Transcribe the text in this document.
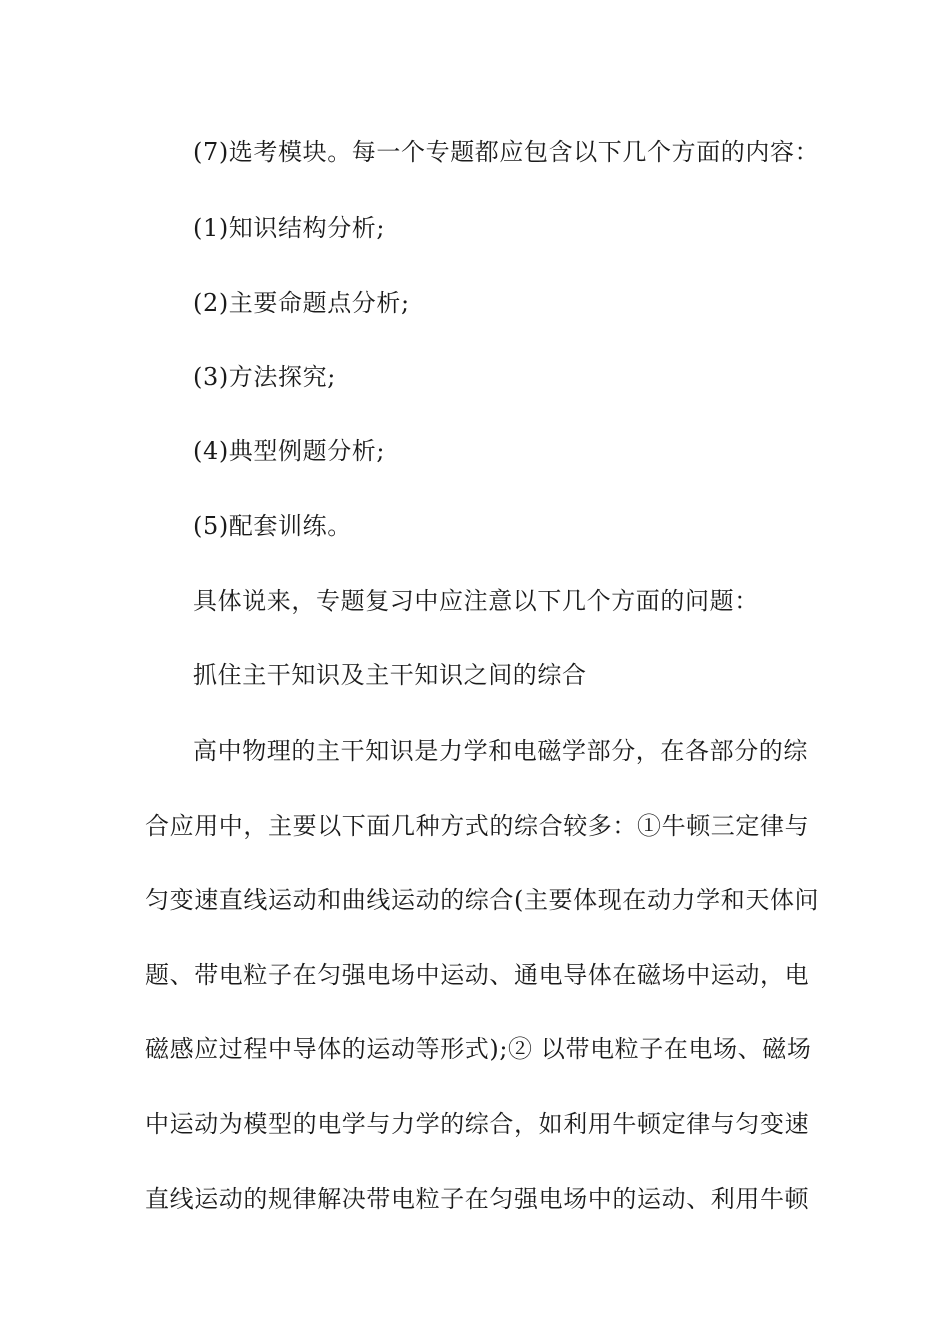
(7)选考模块。每一个专题都应包含以下几个方面的内容：
(1)知识结构分析;
(2)主要命题点分析;
(3)方法探究;
(4)典型例题分析;
(5)配套训练。
具体说来，专题复习中应注意以下几个方面的问题：
抓住主干知识及主干知识之间的综合
高中物理的主干知识是力学和电磁学部分，在各部分的综
合应用中，主要以下面几种方式的综合较多：①牛顿三定律与
匀变速直线运动和曲线运动的综合(主要体现在动力学和天体问
题、带电粒子在匀强电场中运动、通电导体在磁场中运动，电
磁感应过程中导体的运动等形式);② 以带电粒子在电场、磁场
中运动为模型的电学与力学的综合，如利用牛顿定律与匀变速
直线运动的规律解决带电粒子在匀强电场中的运动、利用牛顿
